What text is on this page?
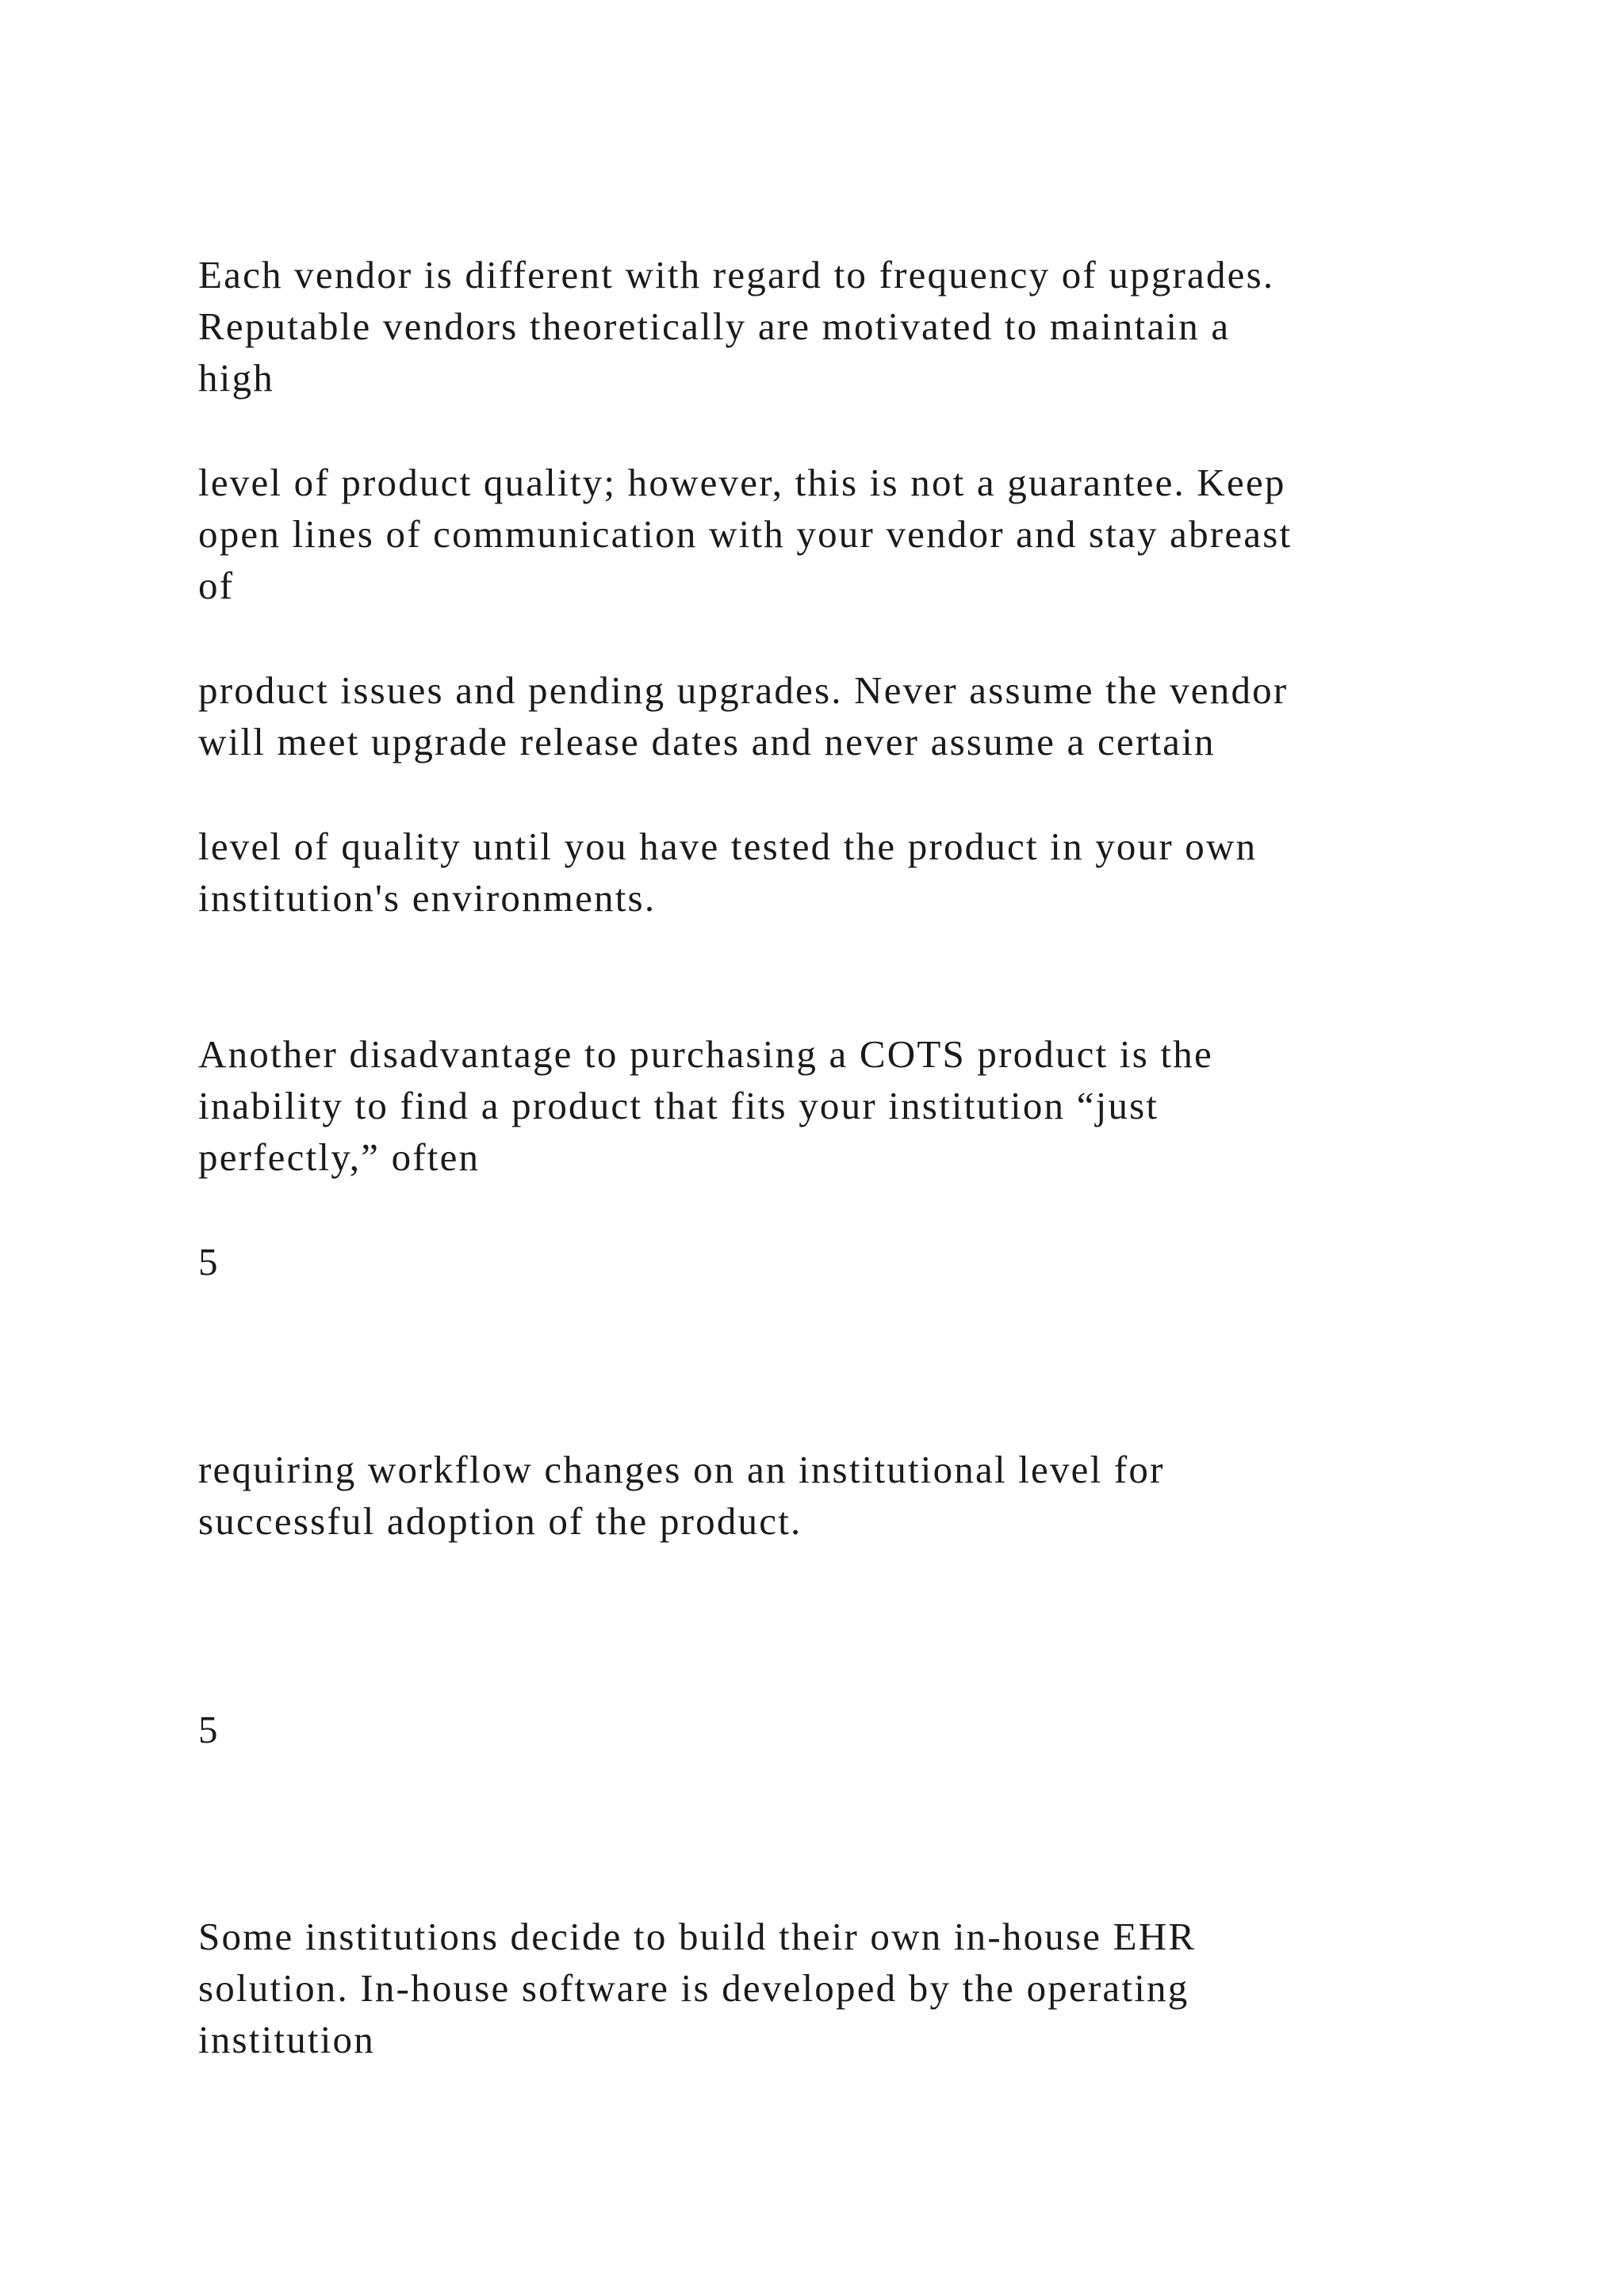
Each vendor is different with regard to frequency of upgrades.

Reputable vendors theoretically are motivated to maintain a

high

level of product quality; however, this is not a guarantee. Keep

open lines of communication with your vendor and stay abreast

of

product issues and pending upgrades. Never assume the vendor

will meet upgrade release dates and never assume a certain

level of quality until you have tested the product in your own

institution's environments.

Another disadvantage to purchasing a COTS product is the

inability to find a product that fits your institution “just

perfectly,” often

5

requiring workflow changes on an institutional level for

successful adoption of the product.

5

Some institutions decide to build their own in-house EHR

solution. In-house software is developed by the operating

institution
